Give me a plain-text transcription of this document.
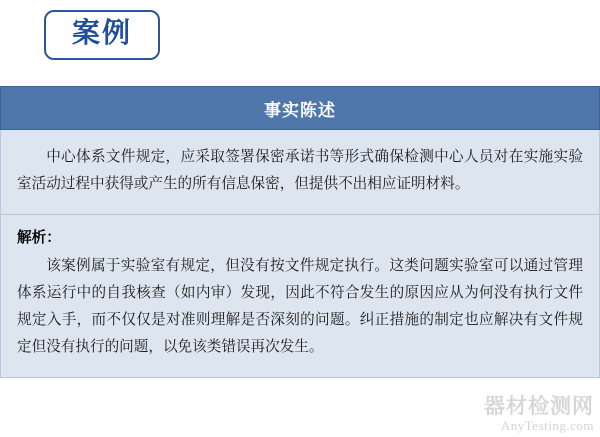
案例
事实陈述

中心体系文件规定，应采取签署保密承诺书等形式确保检测中心人员对在实施实验室活动过程中获得或产生的所有信息保密，但提供不出相应证明材料。

解析：

该案例属于实验室有规定，但没有按文件规定执行。这类问题实验室可以通过管理体系运行中的自我核查（如内审）发现，因此不符合发生的原因应从为何没有执行文件规定入手，而不仅仅是对准则理解是否深刻的问题。纠正措施的制定也应解决有文件规定但没有执行的问题，以免该类错误再次发生。

器材检测网
AnyTesting.com
